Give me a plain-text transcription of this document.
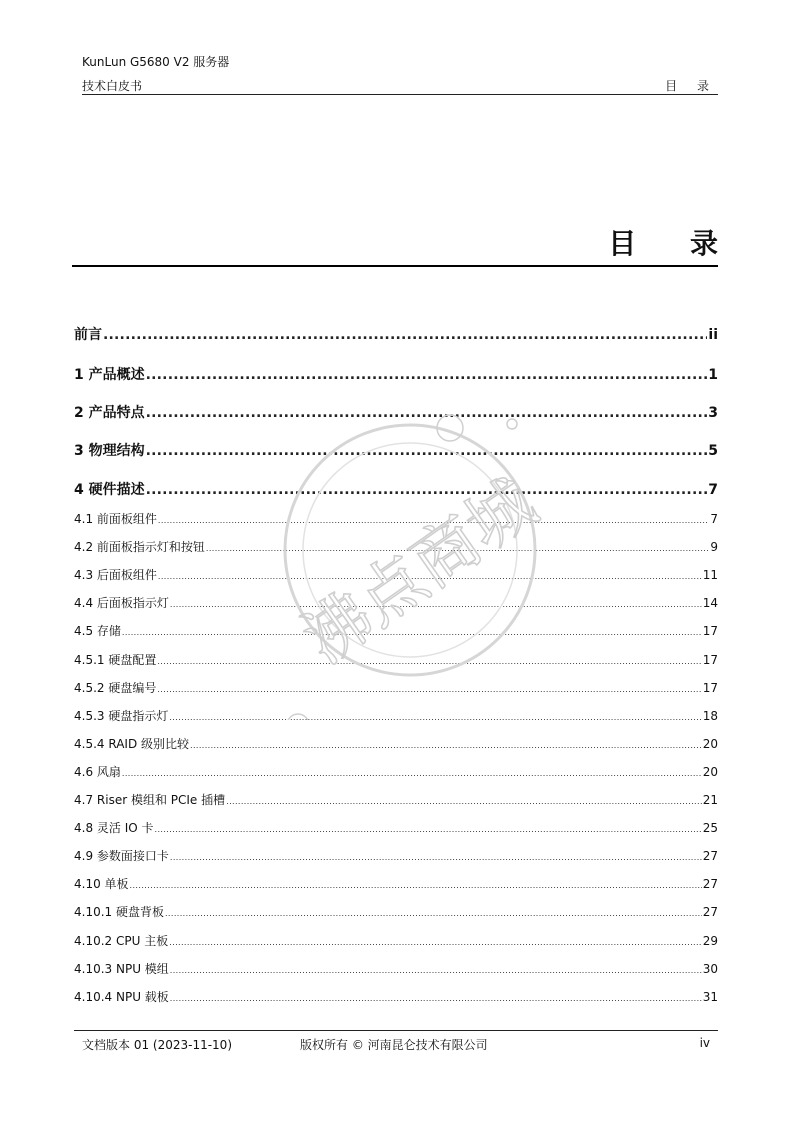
KunLun G5680 V2 服务器
技术白皮书	目 录
目 录
前言 .....	ii
1 产品概述 .....	1
2 产品特点 .....	3
3 物理结构 .....	5
4 硬件描述 .....	7
4.1 前面板组件 .....	7
4.2 前面板指示灯和按钮 .....	9
4.3 后面板组件 .....	11
4.4 后面板指示灯 .....	14
4.5 存储 .....	17
4.5.1 硬盘配置 .....	17
4.5.2 硬盘编号 .....	17
4.5.3 硬盘指示灯 .....	18
4.5.4 RAID 级别比较 .....	20
4.6 风扇 .....	20
4.7 Riser 模组和 PCIe 插槽 .....	21
4.8 灵活 IO 卡 .....	25
4.9 参数面接口卡 .....	27
4.10 单板 .....	27
4.10.1 硬盘背板 .....	27
4.10.2 CPU 主板 .....	29
4.10.3 NPU 模组 .....	30
4.10.4 NPU 载板 .....	31
沸点商城
文档版本 01 (2023-11-10)	版权所有 © 河南昆仑技术有限公司	iv
